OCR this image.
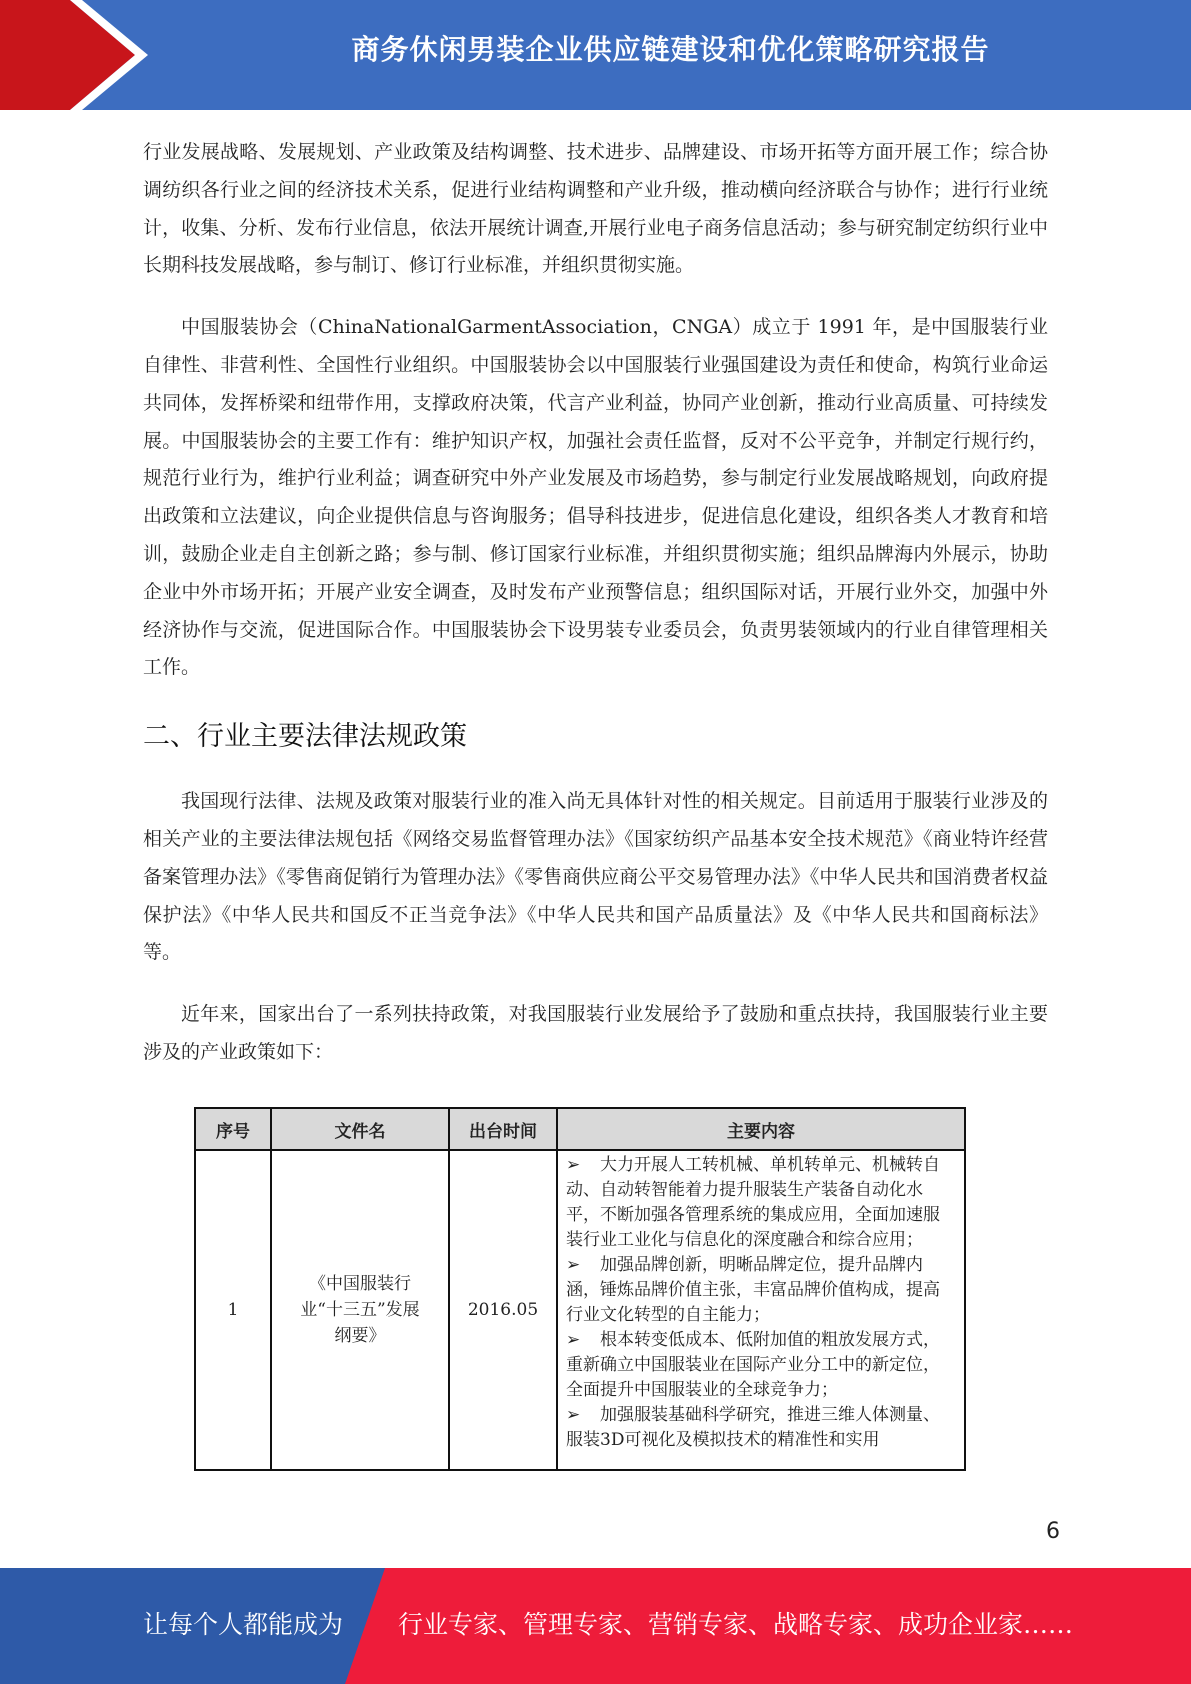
商务休闲男装企业供应链建设和优化策略研究报告

行业发展战略、发展规划、产业政策及结构调整、技术进步、品牌建设、市场开拓等方面开展工作；综合协调纺织各行业之间的经济技术关系，促进行业结构调整和产业升级，推动横向经济联合与协作；进行行业统计，收集、分析、发布行业信息，依法开展统计调查,开展行业电子商务信息活动；参与研究制定纺织行业中长期科技发展战略，参与制订、修订行业标准，并组织贯彻实施。

中国服装协会（ChinaNationalGarmentAssociation，CNGA）成立于 1991 年，是中国服装行业自律性、非营利性、全国性行业组织。中国服装协会以中国服装行业强国建设为责任和使命，构筑行业命运共同体，发挥桥梁和纽带作用，支撑政府决策，代言产业利益，协同产业创新，推动行业高质量、可持续发展。中国服装协会的主要工作有：维护知识产权，加强社会责任监督，反对不公平竞争，并制定行规行约，规范行业行为，维护行业利益；调查研究中外产业发展及市场趋势，参与制定行业发展战略规划，向政府提出政策和立法建议，向企业提供信息与咨询服务；倡导科技进步，促进信息化建设，组织各类人才教育和培训，鼓励企业走自主创新之路；参与制、修订国家行业标准，并组织贯彻实施；组织品牌海内外展示，协助企业中外市场开拓；开展产业安全调查，及时发布产业预警信息；组织国际对话，开展行业外交，加强中外经济协作与交流，促进国际合作。中国服装协会下设男装专业委员会，负责男装领域内的行业自律管理相关工作。

二、行业主要法律法规政策

我国现行法律、法规及政策对服装行业的准入尚无具体针对性的相关规定。目前适用于服装行业涉及的相关产业的主要法律法规包括《网络交易监督管理办法》《国家纺织产品基本安全技术规范》《商业特许经营备案管理办法》《零售商促销行为管理办法》《零售商供应商公平交易管理办法》《中华人民共和国消费者权益保护法》《中华人民共和国反不正当竞争法》《中华人民共和国产品质量法》及《中华人民共和国商标法》等。

近年来，国家出台了一系列扶持政策，对我国服装行业发展给予了鼓励和重点扶持，我国服装行业主要涉及的产业政策如下：

序号	文件名	出台时间	主要内容
1	《中国服装行业“十三五”发展纲要》	2016.05	➢ 大力开展人工转机械、单机转单元、机械转自动、自动转智能着力提升服装生产装备自动化水平，不断加强各管理系统的集成应用，全面加速服装行业工业化与信息化的深度融合和综合应用；
➢ 加强品牌创新，明晰品牌定位，提升品牌内涵，锤炼品牌价值主张，丰富品牌价值构成，提高行业文化转型的自主能力；
➢ 根本转变低成本、低附加值的粗放发展方式，重新确立中国服装业在国际产业分工中的新定位，全面提升中国服装业的全球竞争力；
➢ 加强服装基础科学研究，推进三维人体测量、服装3D可视化及模拟技术的精准性和实用
6
让每个人都能成为 行业专家、管理专家、营销专家、战略专家、成功企业家……
